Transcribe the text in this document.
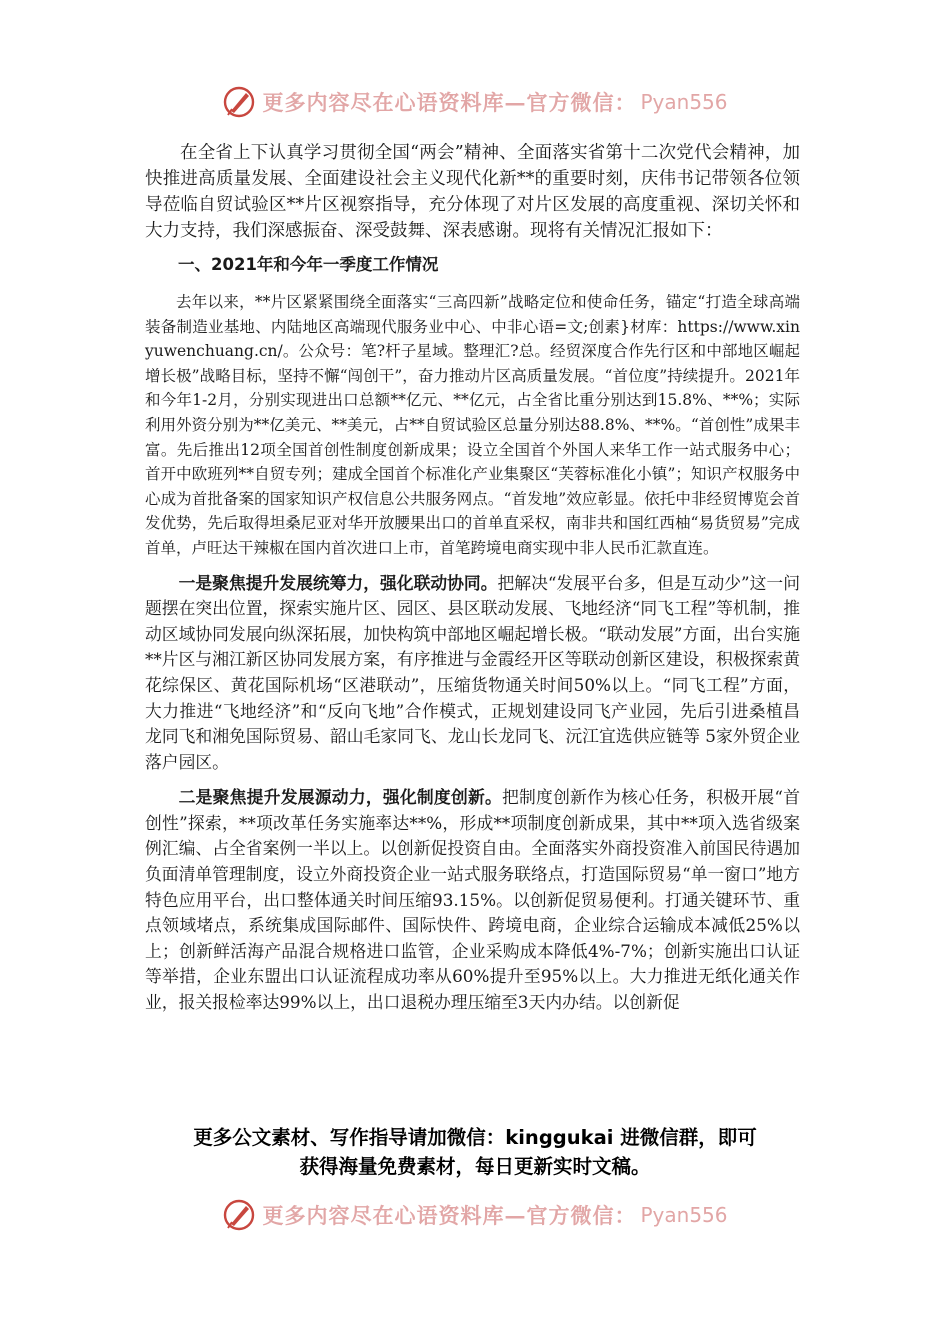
更多内容尽在心语资料库—官方微信： Pyan556

在全省上下认真学习贯彻全国“两会”精神、全面落实省第十二次党代会精神，加快推进高质量发展、全面建设社会主义现代化新**的重要时刻，庆伟书记带领各位领导莅临自贸试验区**片区视察指导，充分体现了对片区发展的高度重视、深切关怀和大力支持，我们深感振奋、深受鼓舞、深表感谢。现将有关情况汇报如下：

一、2021年和今年一季度工作情况

去年以来，**片区紧紧围绕全面落实“三高四新”战略定位和使命任务，锚定“打造全球高端装备制造业基地、内陆地区高端现代服务业中心、中非心语=文;创素}材库：https://www.xinyuwenchuang.cn/。公众号：笔?杆子星域。整理汇?总。经贸深度合作先行区和中部地区崛起增长极”战略目标，坚持不懈“闯创干”，奋力推动片区高质量发展。“首位度”持续提升。2021年和今年1-2月，分别实现进出口总额**亿元、**亿元，占全省比重分别达到15.8%、**%；实际利用外资分别为**亿美元、**美元，占**自贸试验区总量分别达88.8%、**%。“首创性”成果丰富。先后推出12项全国首创性制度创新成果；设立全国首个外国人来华工作一站式服务中心；首开中欧班列**自贸专列；建成全国首个标准化产业集聚区“芙蓉标准化小镇”；知识产权服务中心成为首批备案的国家知识产权信息公共服务网点。“首发地”效应彰显。依托中非经贸博览会首发优势，先后取得坦桑尼亚对华开放腰果出口的首单直采权，南非共和国红西柚“易货贸易”完成首单，卢旺达干辣椒在国内首次进口上市，首笔跨境电商实现中非人民币汇款直连。

一是聚焦提升发展统筹力，强化联动协同。把解决“发展平台多，但是互动少”这一问题摆在突出位置，探索实施片区、园区、县区联动发展、飞地经济“同飞工程”等机制，推动区域协同发展向纵深拓展，加快构筑中部地区崛起增长极。“联动发展”方面，出台实施**片区与湘江新区协同发展方案，有序推进与金霞经开区等联动创新区建设，积极探索黄花综保区、黄花国际机场“区港联动”，压缩货物通关时间50%以上。“同飞工程”方面，大力推进“飞地经济”和“反向飞地”合作模式，正规划建设同飞产业园，先后引进桑植昌龙同飞和湘免国际贸易、韶山毛家同飞、龙山长龙同飞、沅江宜选供应链等 5家外贸企业落户园区。

二是聚焦提升发展源动力，强化制度创新。把制度创新作为核心任务，积极开展“首创性”探索，**项改革任务实施率达**%，形成**项制度创新成果，其中**项入选省级案例汇编、占全省案例一半以上。以创新促投资自由。全面落实外商投资准入前国民待遇加负面清单管理制度，设立外商投资企业一站式服务联络点，打造国际贸易“单一窗口”地方特色应用平台，出口整体通关时间压缩93.15%。以创新促贸易便利。打通关键环节、重点领域堵点，系统集成国际邮件、国际快件、跨境电商，企业综合运输成本减低25%以上；创新鲜活海产品混合规格进口监管，企业采购成本降低4%-7%；创新实施出口认证等举措，企业东盟出口认证流程成功率从60%提升至95%以上。大力推进无纸化通关作业，报关报检率达99%以上，出口退税办理压缩至3天内办结。以创新促

更多公文素材、写作指导请加微信：kinggukai 进微信群，即可
获得海量免费素材，每日更新实时文稿。
更多内容尽在心语资料库—官方微信： Pyan556
